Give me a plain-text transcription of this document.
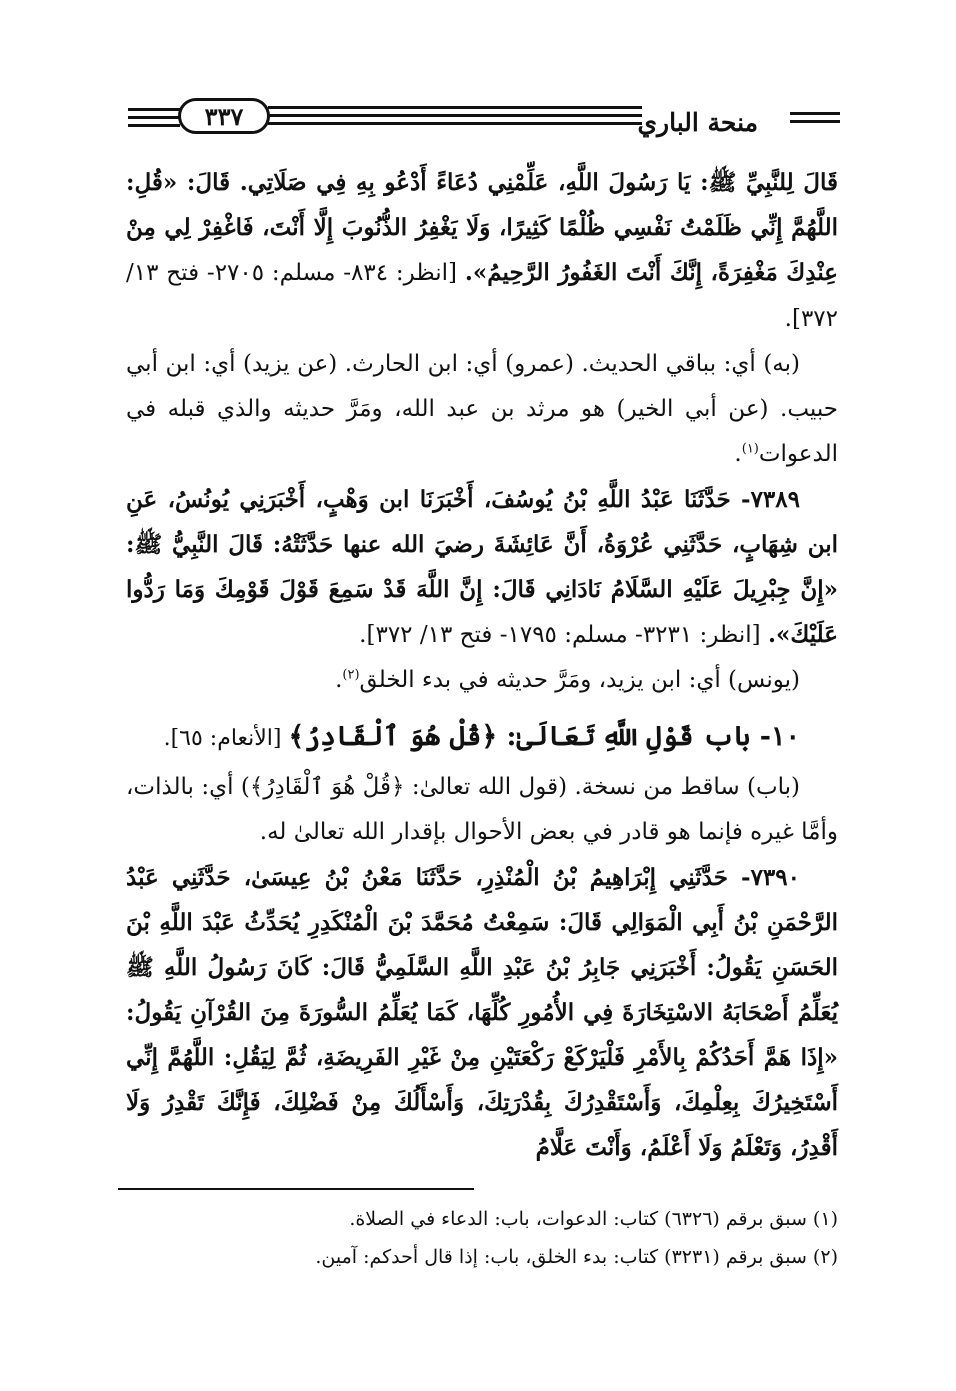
منحة الباري
٣٣٧

قَالَ لِلنَّبِيِّ ﷺ: يَا رَسُولَ اللَّهِ، عَلِّمْنِي دُعَاءً أَدْعُو بِهِ فِي صَلَاتِي. قَالَ: «قُلِ: اللَّهُمَّ إِنِّي ظَلَمْتُ نَفْسِي ظُلْمًا كَثِيرًا، وَلَا يَغْفِرُ الذُّنُوبَ إِلَّا أَنْتَ، فَاغْفِرْ لِي مِنْ عِنْدِكَ مَغْفِرَةً، إِنَّكَ أَنْتَ الغَفُورُ الرَّحِيمُ». [انظر: ٨٣٤- مسلم: ٢٧٠٥- فتح ١٣/ ٣٧٢].

(به) أي: بباقي الحديث. (عمرو) أي: ابن الحارث. (عن يزيد) أي: ابن أبي حبيب. (عن أبي الخير) هو مرثد بن عبد الله، ومَرَّ حديثه والذي قبله في الدعوات$^{(١)}$.

٧٣٨٩- حَدَّثَنَا عَبْدُ اللَّهِ بْنُ يُوسُفَ، أَخْبَرَنَا ابن وَهْبٍ، أَخْبَرَنِي يُونُسُ، عَنِ ابن شِهَابٍ، حَدَّثَنِي عُرْوَةُ، أَنَّ عَائِشَةَ رضيَ الله عنها حَدَّثَتْهُ: قَالَ النَّبِيُّ ﷺ: «إِنَّ جِبْرِيلَ عَلَيْهِ السَّلَامُ نَادَانِي قَالَ: إِنَّ اللَّهَ قَدْ سَمِعَ قَوْلَ قَوْمِكَ وَمَا رَدُّوا عَلَيْكَ». [انظر: ٣٢٣١- مسلم: ١٧٩٥- فتح ١٣/ ٣٧٢].

(يونس) أي: ابن يزيد، ومَرَّ حديثه في بدء الخلق$^{(٢)}$.

١٠- باب قَوْلِ اللَّهِ تَعَالَىٰ: ﴿قُلْ هُوَ ٱلْقَادِرُ﴾ [الأنعام: ٦٥].

(باب) ساقط من نسخة. (قول الله تعالىٰ: ﴿قُلْ هُوَ ٱلْقَادِرُ﴾) أي: بالذات، وأمَّا غيره فإنما هو قادر في بعض الأحوال بإقدار الله تعالىٰ له.

٧٣٩٠- حَدَّثَنِي إِبْرَاهِيمُ بْنُ الْمُنْذِرِ، حَدَّثَنَا مَعْنُ بْنُ عِيسَىٰ، حَدَّثَنِي عَبْدُ الرَّحْمَنِ بْنُ أَبِي الْمَوَالِي قَالَ: سَمِعْتُ مُحَمَّدَ بْنَ الْمُنْكَدِرِ يُحَدِّثُ عَبْدَ اللَّهِ بْنَ الحَسَنِ يَقُولُ: أَخْبَرَنِي جَابِرُ بْنُ عَبْدِ اللَّهِ السَّلَمِيُّ قَالَ: كَانَ رَسُولُ اللَّهِ ﷺ يُعَلِّمُ أَصْحَابَهُ الاسْتِخَارَةَ فِي الأُمُورِ كُلِّهَا، كَمَا يُعَلِّمُ السُّورَةَ مِنَ القُرْآنِ يَقُولُ: «إِذَا هَمَّ أَحَدُكُمْ بِالأَمْرِ فَلْيَرْكَعْ رَكْعَتَيْنِ مِنْ غَيْرِ الفَرِيضَةِ، ثُمَّ لِيَقُلِ: اللَّهُمَّ إِنِّي أَسْتَخِيرُكَ بِعِلْمِكَ، وَأَسْتَقْدِرُكَ بِقُدْرَتِكَ، وَأَسْأَلُكَ مِنْ فَضْلِكَ، فَإِنَّكَ تَقْدِرُ وَلَا أَقْدِرُ، وَتَعْلَمُ وَلَا أَعْلَمُ، وَأَنْتَ عَلَّامُ

(١) سبق برقم (٦٣٢٦) كتاب: الدعوات، باب: الدعاء في الصلاة.

(٢) سبق برقم (٣٢٣١) كتاب: بدء الخلق، باب: إذا قال أحدكم: آمين.
